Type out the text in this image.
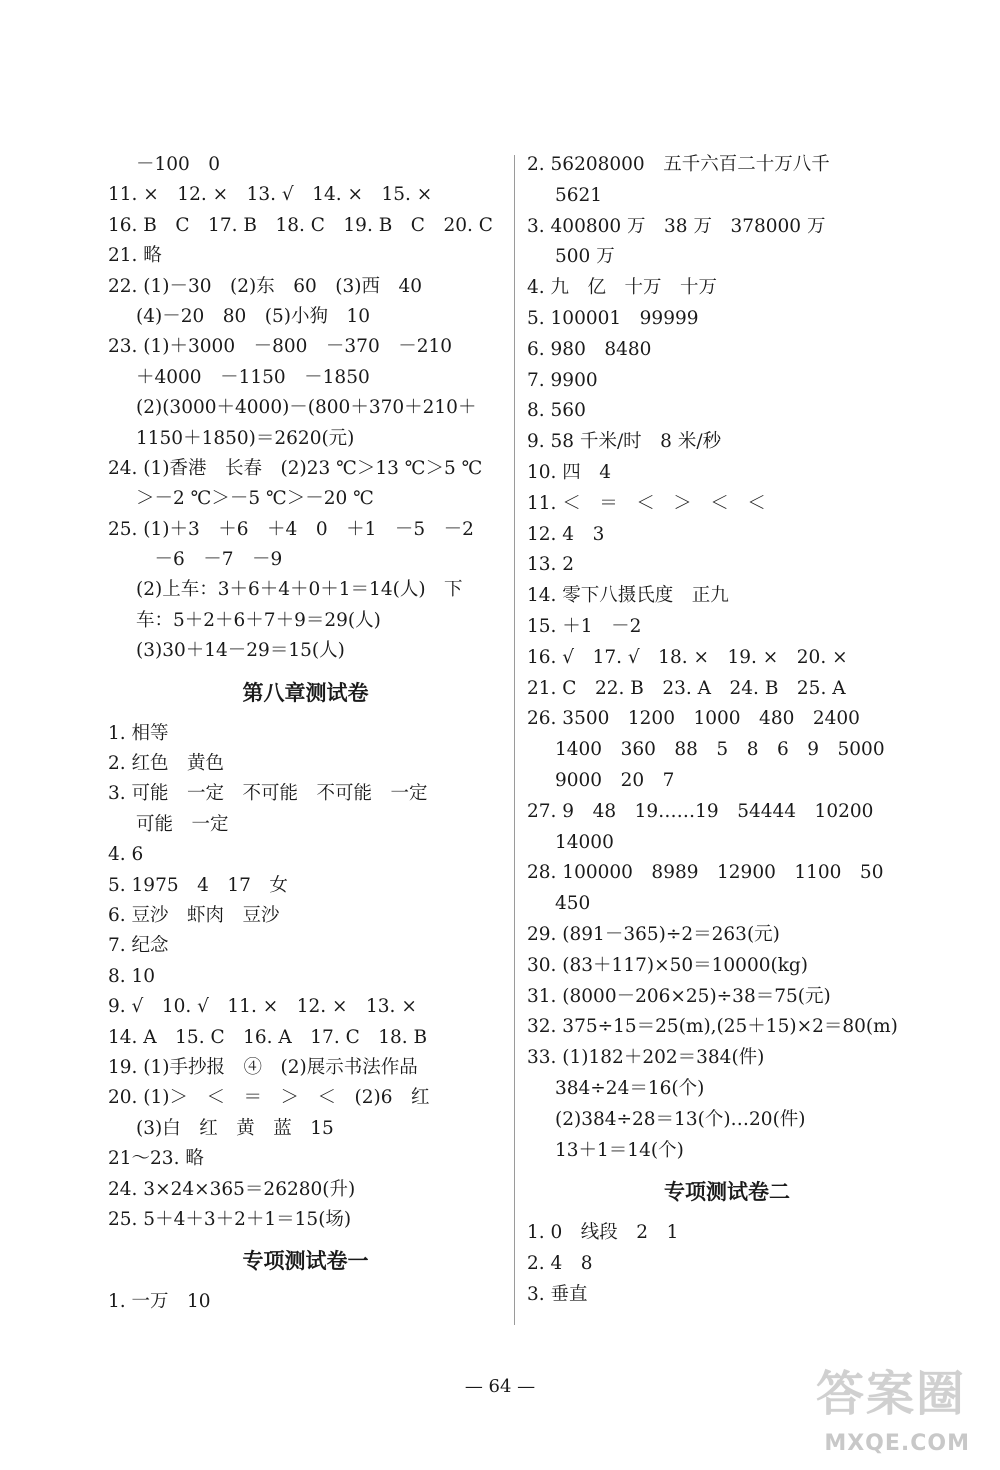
－100　0
11. ×　12. ×　13. √　14. ×　15. ×
16. B　C　17. B　18. C　19. B　C　20. C
21. 略
22. (1)－30　(2)东　60　(3)西　40
(4)－20　80　(5)小狗　10
23. (1)＋3000　－800　－370　－210
＋4000　－1150　－1850
(2)(3000＋4000)－(800＋370＋210＋
1150＋1850)＝2620(元)
24. (1)香港　长春　(2)23 ℃＞13 ℃＞5 ℃
＞－2 ℃＞－5 ℃＞－20 ℃
25. (1)＋3　＋6　＋4　0　＋1　－5　－2
　－6　－7　－9
(2)上车：3＋6＋4＋0＋1＝14(人)　下
车：5＋2＋6＋7＋9＝29(人)
(3)30＋14－29＝15(人)
第八章测试卷
1. 相等
2. 红色　黄色
3. 可能　一定　不可能　不可能　一定
可能　一定
4. 6
5. 1975　4　17　女
6. 豆沙　虾肉　豆沙
7. 纪念
8. 10
9. √　10. √　11. ×　12. ×　13. ×
14. A　15. C　16. A　17. C　18. B
19. (1)手抄报　④　(2)展示书法作品
20. (1)＞　＜　＝　＞　＜　(2)6　红
(3)白　红　黄　蓝　15
21～23. 略
24. 3×24×365＝26280(升)
25. 5＋4＋3＋2＋1＝15(场)
专项测试卷一
1. 一万　10
2. 56208000　五千六百二十万八千
5621
3. 400800 万　38 万　378000 万
500 万
4. 九　亿　十万　十万
5. 100001　99999
6. 980　8480
7. 9900
8. 560
9. 58 千米/时　8 米/秒
10. 四　4
11. ＜　＝　＜　＞　＜　＜
12. 4　3
13. 2
14. 零下八摄氏度　正九
15. ＋1　－2
16. √　17. √　18. ×　19. ×　20. ×
21. C　22. B　23. A　24. B　25. A
26. 3500　1200　1000　480　2400
1400　360　88　5　8　6　9　5000
9000　20　7
27. 9　48　19……19　54444　10200
14000
28. 100000　8989　12900　1100　50
450
29. (891－365)÷2＝263(元)
30. (83＋117)×50＝10000(kg)
31. (8000－206×25)÷38＝75(元)
32. 375÷15＝25(m),(25＋15)×2＝80(m)
33. (1)182＋202＝384(件)
384÷24＝16(个)
(2)384÷28＝13(个)…20(件)
13＋1＝14(个)
专项测试卷二
1. 0　线段　2　1
2. 4　8
3. 垂直
— 64 —	答案圈
MXQE.COM
